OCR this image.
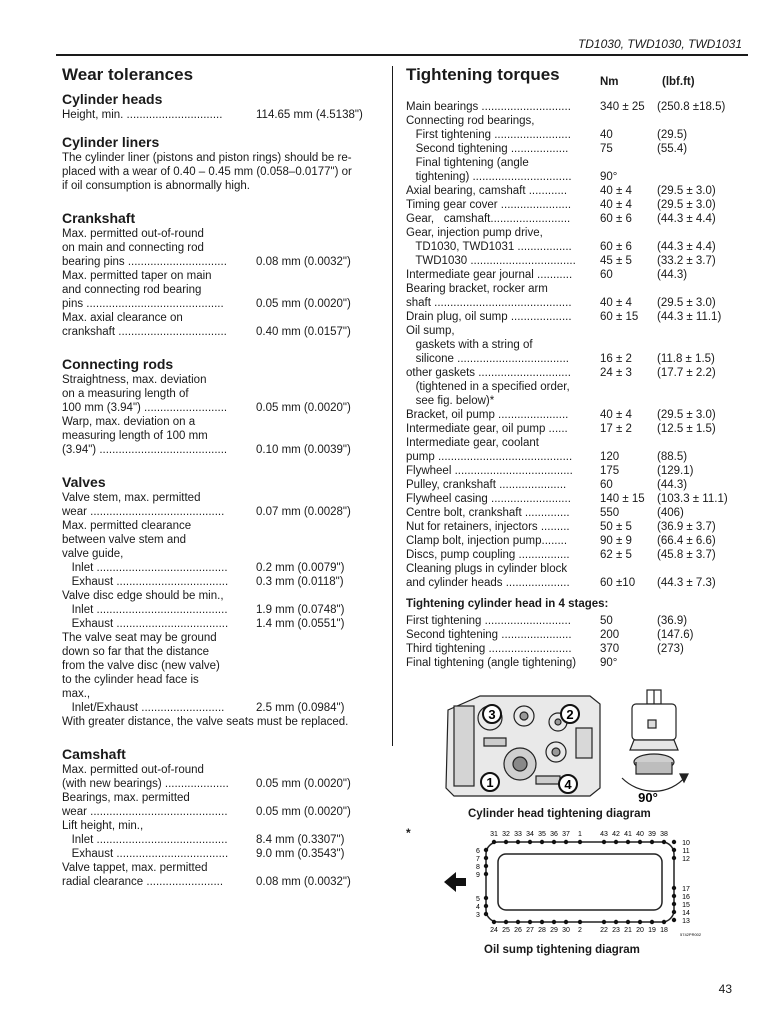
TD1030, TWD1030, TWD1031
Wear tolerances
Cylinder heads
Height, min. ..............................	114.65 mm (4.5138")
Cylinder liners
The cylinder liner (pistons and piston rings) should be re-
placed with a wear of 0.40 – 0.45 mm (0.058–0.0177") or
if oil consumption is abnormally high.
Crankshaft
Max. permitted out-of-round
on main and connecting rod
bearing pins ...............................	0.08 mm (0.0032")
Max. permitted taper on main
and connecting rod bearing
pins ...........................................	0.05 mm (0.0020")
Max. axial clearance on
crankshaft ..................................	0.40 mm (0.0157")
Connecting rods
Straightness, max. deviation
on a measuring length of
100 mm (3.94") ..........................	0.05 mm (0.0020")
Warp, max. deviation on a
measuring length of 100 mm
(3.94") ........................................	0.10 mm (0.0039")
Valves
Valve stem, max. permitted
wear ..........................................	0.07 mm (0.0028")
Max. permitted clearance
between valve stem and
valve guide,
Inlet ......................................... 0.2 mm (0.0079")
Exhaust ................................... 0.3 mm (0.0118")
Valve disc edge should be min.,
Inlet ......................................... 1.9 mm (0.0748")
Exhaust ................................... 1.4 mm (0.0551")
The valve seat may be ground
down so far that the distance
from the valve disc (new valve)
to the cylinder head face is
max.,
Inlet/Exhaust ..........................	2.5 mm (0.0984")
With greater distance, the valve seats must be replaced.
Camshaft
Max. permitted out-of-round
(with new bearings) .................... 0.05 mm (0.0020")
Bearings, max. permitted
wear ........................................... 0.05 mm (0.0020")
Lift height, min.,
Inlet ......................................... 8.4 mm (0.3307")
Exhaust ................................... 9.0 mm (0.3543")
Valve tappet, max. permitted
radial clearance ........................	0.08 mm (0.0032")
Tightening torques	Nm	(lbf.ft)
Main bearings ............................	340 ± 25 (250.8 ±18.5)
Connecting rod bearings,
First tightening ........................	40	(29.5)
Second tightening ..................	75	(55.4)
Final tightening (angle
tightening) ............................... 90°
Axial bearing, camshaft ............	40 ± 4 (29.5 ± 3.0)
Timing gear cover ......................	40 ± 4 (29.5 ± 3.0)
Gear,   camshaft.........................	60 ± 6 (44.3 ± 4.4)
Gear, injection pump drive,
TD1030, TWD1031 ................. 60 ± 6 (44.3 ± 4.4)
TWD1030 ................................. 45 ± 5 (33.2 ± 3.7)
Intermediate gear journal ........... 60	(44.3)
Bearing bracket, rocker arm
shaft ........................................... 40 ± 4 (29.5 ± 3.0)
Drain plug, oil sump ................... 60 ± 15 (44.3 ± 11.1)
Oil sump,
gaskets with a string of
silicone ...................................	16 ± 2 (11.8 ± 1.5)
other gaskets .............................	24 ± 3 (17.7 ± 2.2)
(tightened in a specified order,
see fig. below)*
Bracket, oil pump ......................	40 ± 4 (29.5 ± 3.0)
Intermediate gear, oil pump ......	17 ± 2 (12.5 ± 1.5)
Intermediate gear, coolant
pump .......................................... 120	(88.5)
Flywheel ..................................... 175	(129.1)
Pulley, crankshaft .....................	60	(44.3)
Flywheel casing .........................	140 ± 15 (103.3 ± 11.1)
Centre bolt, crankshaft ..............	550	(406)
Nut for retainers, injectors .........	50 ± 5 (36.9 ± 3.7)
Clamp bolt, injection pump........	90 ± 9 (66.4 ± 6.6)
Discs, pump coupling ................	62 ± 5 (45.8 ± 3.7)
Cleaning plugs in cylinder block
and cylinder heads ....................	60 ±10 (44.3 ± 7.3)
Tightening cylinder head in 4 stages:
First tightening ...........................	50	(36.9)
Second tightening ...................... 200	(147.6)
Third tightening .......................... 370	(273)
Final tightening (angle tightening) 90°
3	2
1	4
90°
Cylinder head tightening diagram
*	31 32 33 34 35 36 37 1	43 42 41 40 39 38
24 25 26 27 28 29 30 2	22 23 21 20 19 18
6
7
8
9
5
4
3
10
11
12
17
16
15
14
13
5742PR002
Oil sump tightening diagram
43
